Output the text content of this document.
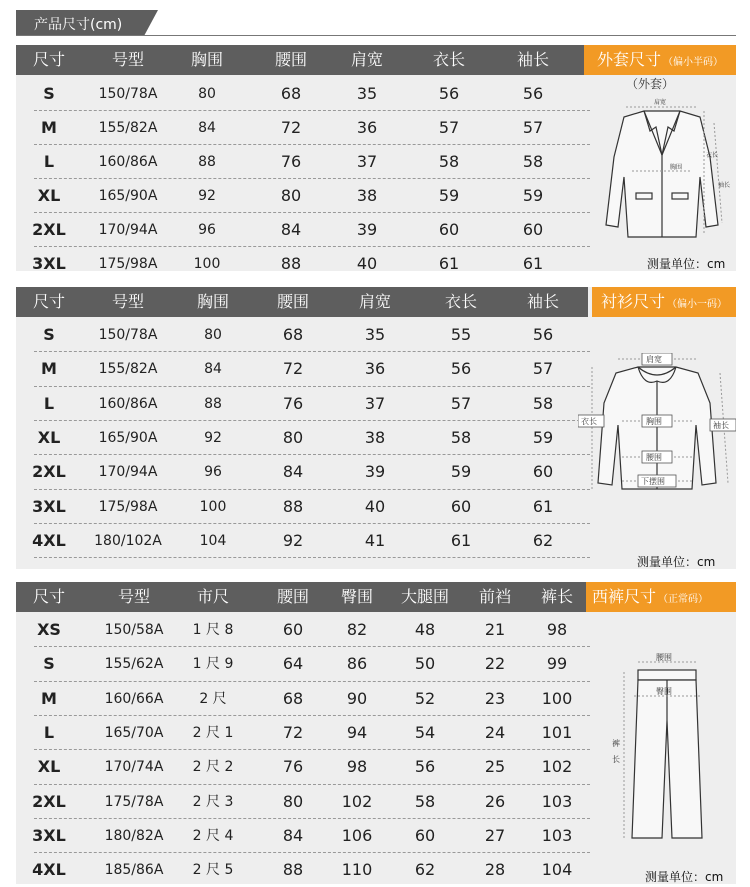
产品尺寸(cm)
尺寸	号型	胸围	腰围	肩宽	衣长	袖长	外套尺寸 （偏小半码）
S	150/78A	80	68	35	56	56
M	155/82A	84	72	36	57	57
L	160/86A	88	76	37	58	58
XL	165/90A	92	80	38	59	59
2XL	170/94A	96	84	39	60	60
3XL	175/98A	100	88	40	61	61
（外套）
肩宽
胸围
衣长
袖长
测量单位：cm
尺寸	号型	胸围	腰围	肩宽	衣长	袖长	衬衫尺寸 （偏小一码）
S	150/78A	80	68	35	55	56
M	155/82A	84	72	36	56	57
L	160/86A	88	76	37	57	58
XL	165/90A	92	80	38	58	59
2XL	170/94A	96	84	39	59	60
3XL	175/98A	100	88	40	60	61
4XL	180/102A	104	92	41	61	62
肩宽
胸围
腰围
下摆围
衣长	袖长
测量单位：cm
尺寸	号型	市尺	腰围	臀围	大腿围	前裆	裤长	西裤尺寸 （正常码）
XS	150/58A	1 尺 8	60	82	48	21	98
S	155/62A	1 尺 9	64	86	50	22	99
M	160/66A	2 尺	68	90	52	23	100
L	165/70A	2 尺 1	72	94	54	24	101
XL	170/74A	2 尺 2	76	98	56	25	102
2XL	175/78A	2 尺 3	80	102	58	26	103
3XL	180/82A	2 尺 4	84	106	60	27	103
4XL	185/86A	2 尺 5	88	110	62	28	104
腰围
臀围
裤
长
测量单位：cm
